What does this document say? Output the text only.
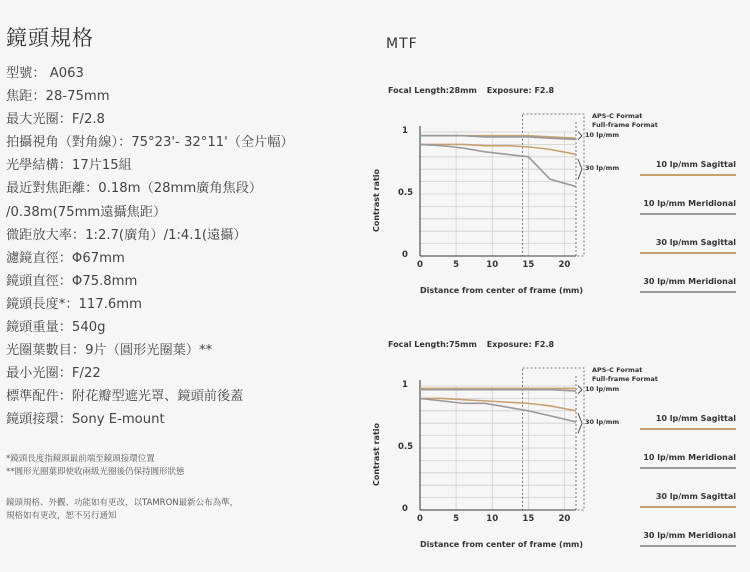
鏡頭規格
型號： A063
焦距：28-75mm
最大光圈：F/2.8
拍攝視角（對角線）：75°23'- 32°11'（全片幅）
光學結構：17片15組
最近對焦距離：0.18m（28mm廣角焦段）
/0.38m(75mm遠攝焦距）
微距放大率：1:2.7(廣角）/1:4.1(遠攝）
濾鏡直徑：Φ67mm
鏡頭直徑：Φ75.8mm
鏡頭長度*：117.6mm
鏡頭重量：540g
光圈葉數目：9片（圓形光圈葉）**
最小光圈：F/22
標準配件：附花瓣型遮光罩、鏡頭前後蓋
鏡頭接環：Sony E-mount
*鏡頭長度指鏡頭最前端至鏡頭接環位置
**圓形光圈葉即使收兩級光圈後仍保持圓形狀態
鏡頭規格、外觀、功能如有更改，以TAMRON最新公布為準，
規格如有更改，恕不另行通知
MTF
Focal Length:28mm Exposure: F2.8
APS-C Format
Full-frame Format
10 lp/mm
30 lp/mm
1
0.5
0
0	5	10	15	20
Contrast ratio
Distance from center of frame (mm)
10 lp/mm Sagittal
10 lp/mm Meridional
30 lp/mm Sagittal
30 lp/mm Meridional
Focal Length:75mm Exposure: F2.8
APS-C Format
Full-frame Format
10 lp/mm
30 lp/mm
1
0.5
0
0	5	10	15	20
Contrast ratio
Distance from center of frame (mm)
10 lp/mm Sagittal
10 lp/mm Meridional
30 lp/mm Sagittal
30 lp/mm Meridional
